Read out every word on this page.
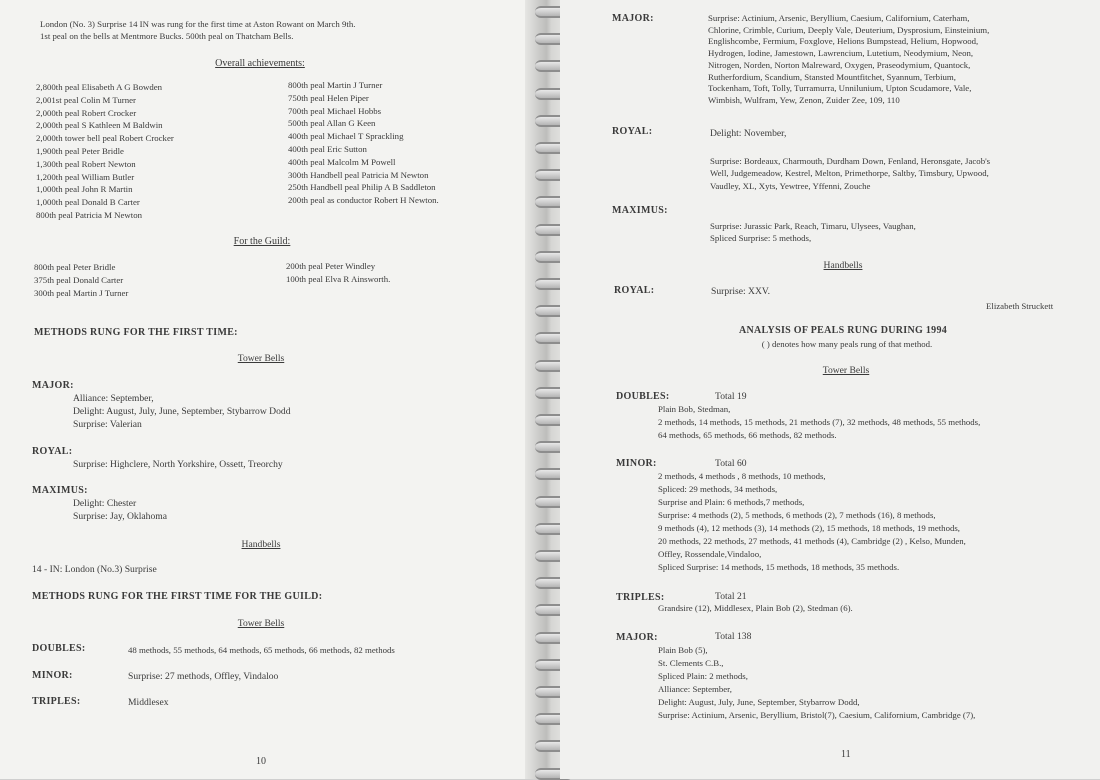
London (No. 3) Surprise 14 IN was rung for the first time at Aston Rowant on March 9th.
1st peal on the bells at Mentmore Bucks. 500th peal on Thatcham Bells.
Overall achievements:
2,800th peal Elisabeth A G Bowden
2,001st peal Colin M Turner
2,000th peal Robert Crocker
2,000th peal S Kathleen M Baldwin
2,000th tower bell peal Robert Crocker
1,900th peal Peter Bridle
1,300th peal Robert Newton
1,200th peal William Butler
1,000th peal John R Martin
1,000th peal Donald B Carter
800th peal Patricia M Newton
800th peal Martin J Turner
750th peal Helen Piper
700th peal Michael Hobbs
500th peal Allan G Keen
400th peal Michael T Sprackling
400th peal Eric Sutton
400th peal Malcolm M Powell
300th Handbell peal Patricia M Newton
250th Handbell peal Philip A B Saddleton
200th peal as conductor Robert H Newton.
For the Guild:
800th peal Peter Bridle
375th peal Donald Carter
300th peal Martin J Turner
200th peal Peter Windley
100th peal Elva R Ainsworth.
METHODS RUNG FOR THE FIRST TIME:
Tower Bells
MAJOR:
Alliance: September,
Delight: August, July, June, September, Stybarrow Dodd
Surprise: Valerian
ROYAL:
Surprise: Highclere, North Yorkshire, Ossett, Treorchy
MAXIMUS:
Delight: Chester
Surprise: Jay, Oklahoma
Handbells
14 - IN: London (No.3) Surprise
METHODS RUNG FOR THE FIRST TIME FOR THE GUILD:
Tower Bells
DOUBLES:	48 methods, 55 methods, 64 methods, 65 methods, 66 methods, 82 methods
MINOR:	Surprise: 27 methods, Offley, Vindaloo
TRIPLES:	Middlesex
10
MAJOR:	Surprise: Actinium, Arsenic, Beryllium, Caesium, Californium, Caterham,
Chlorine, Crimble, Curium, Deeply Vale, Deuterium, Dysprosium, Einsteinium,
Englishcombe, Fermium, Foxglove, Helions Bumpstead, Helium, Hopwood,
Hydrogen, Iodine, Jamestown, Lawrencium, Lutetium, Neodymium, Neon,
Nitrogen, Norden, Norton Malreward, Oxygen, Praseodymium, Quantock,
Rutherfordium, Scandium, Stansted Mountfitchet, Syannum, Terbium,
Tockenham, Toft, Tolly, Turramurra, Unnilunium, Upton Scudamore, Vale,
Wimbish, Wulfram, Yew, Zenon, Zuider Zee, 109, 110
ROYAL:	Delight: November,
Surprise: Bordeaux, Charmouth, Durdham Down, Fenland, Heronsgate, Jacob's
Well, Judgemeadow, Kestrel, Melton, Primethorpe, Saltby, Timsbury, Upwood,
Vaudley, XL, Xyts, Yewtree, Yffenni, Zouche
MAXIMUS:
Surprise: Jurassic Park, Reach, Timaru, Ulysees, Vaughan,
Spliced Surprise: 5 methods,
Handbells
ROYAL:	Surprise: XXV.
Elizabeth Struckett
ANALYSIS OF PEALS RUNG DURING 1994
( ) denotes how many peals rung of that method.
Tower Bells
DOUBLES:	Total 19
Plain Bob, Stedman,
2 methods, 14 methods, 15 methods, 21 methods (7), 32 methods, 48 methods, 55 methods,
64 methods, 65 methods, 66 methods, 82 methods.
MINOR:	Total 60
2 methods, 4 methods , 8 methods, 10 methods,
Spliced: 29 methods, 34 methods,
Surprise and Plain: 6 methods,7 methods,
Surprise: 4 methods (2), 5 methods, 6 methods (2), 7 methods (16), 8 methods,
9 methods (4), 12 methods (3), 14 methods (2), 15 methods, 18 methods, 19 methods,
20 methods, 22 methods, 27 methods, 41 methods (4), Cambridge (2) , Kelso, Munden,
Offley, Rossendale,Vindaloo,
Spliced Surprise: 14 methods, 15 methods, 18 methods, 35 methods.
TRIPLES:	Total 21
Grandsire (12), Middlesex, Plain Bob (2), Stedman (6).
MAJOR:	Total 138
Plain Bob (5),
St. Clements C.B.,
Spliced Plain: 2 methods,
Alliance: September,
Delight: August, July, June, September, Stybarrow Dodd,
Surprise: Actinium, Arsenic, Beryllium, Bristol(7), Caesium, Californium, Cambridge (7),
11
